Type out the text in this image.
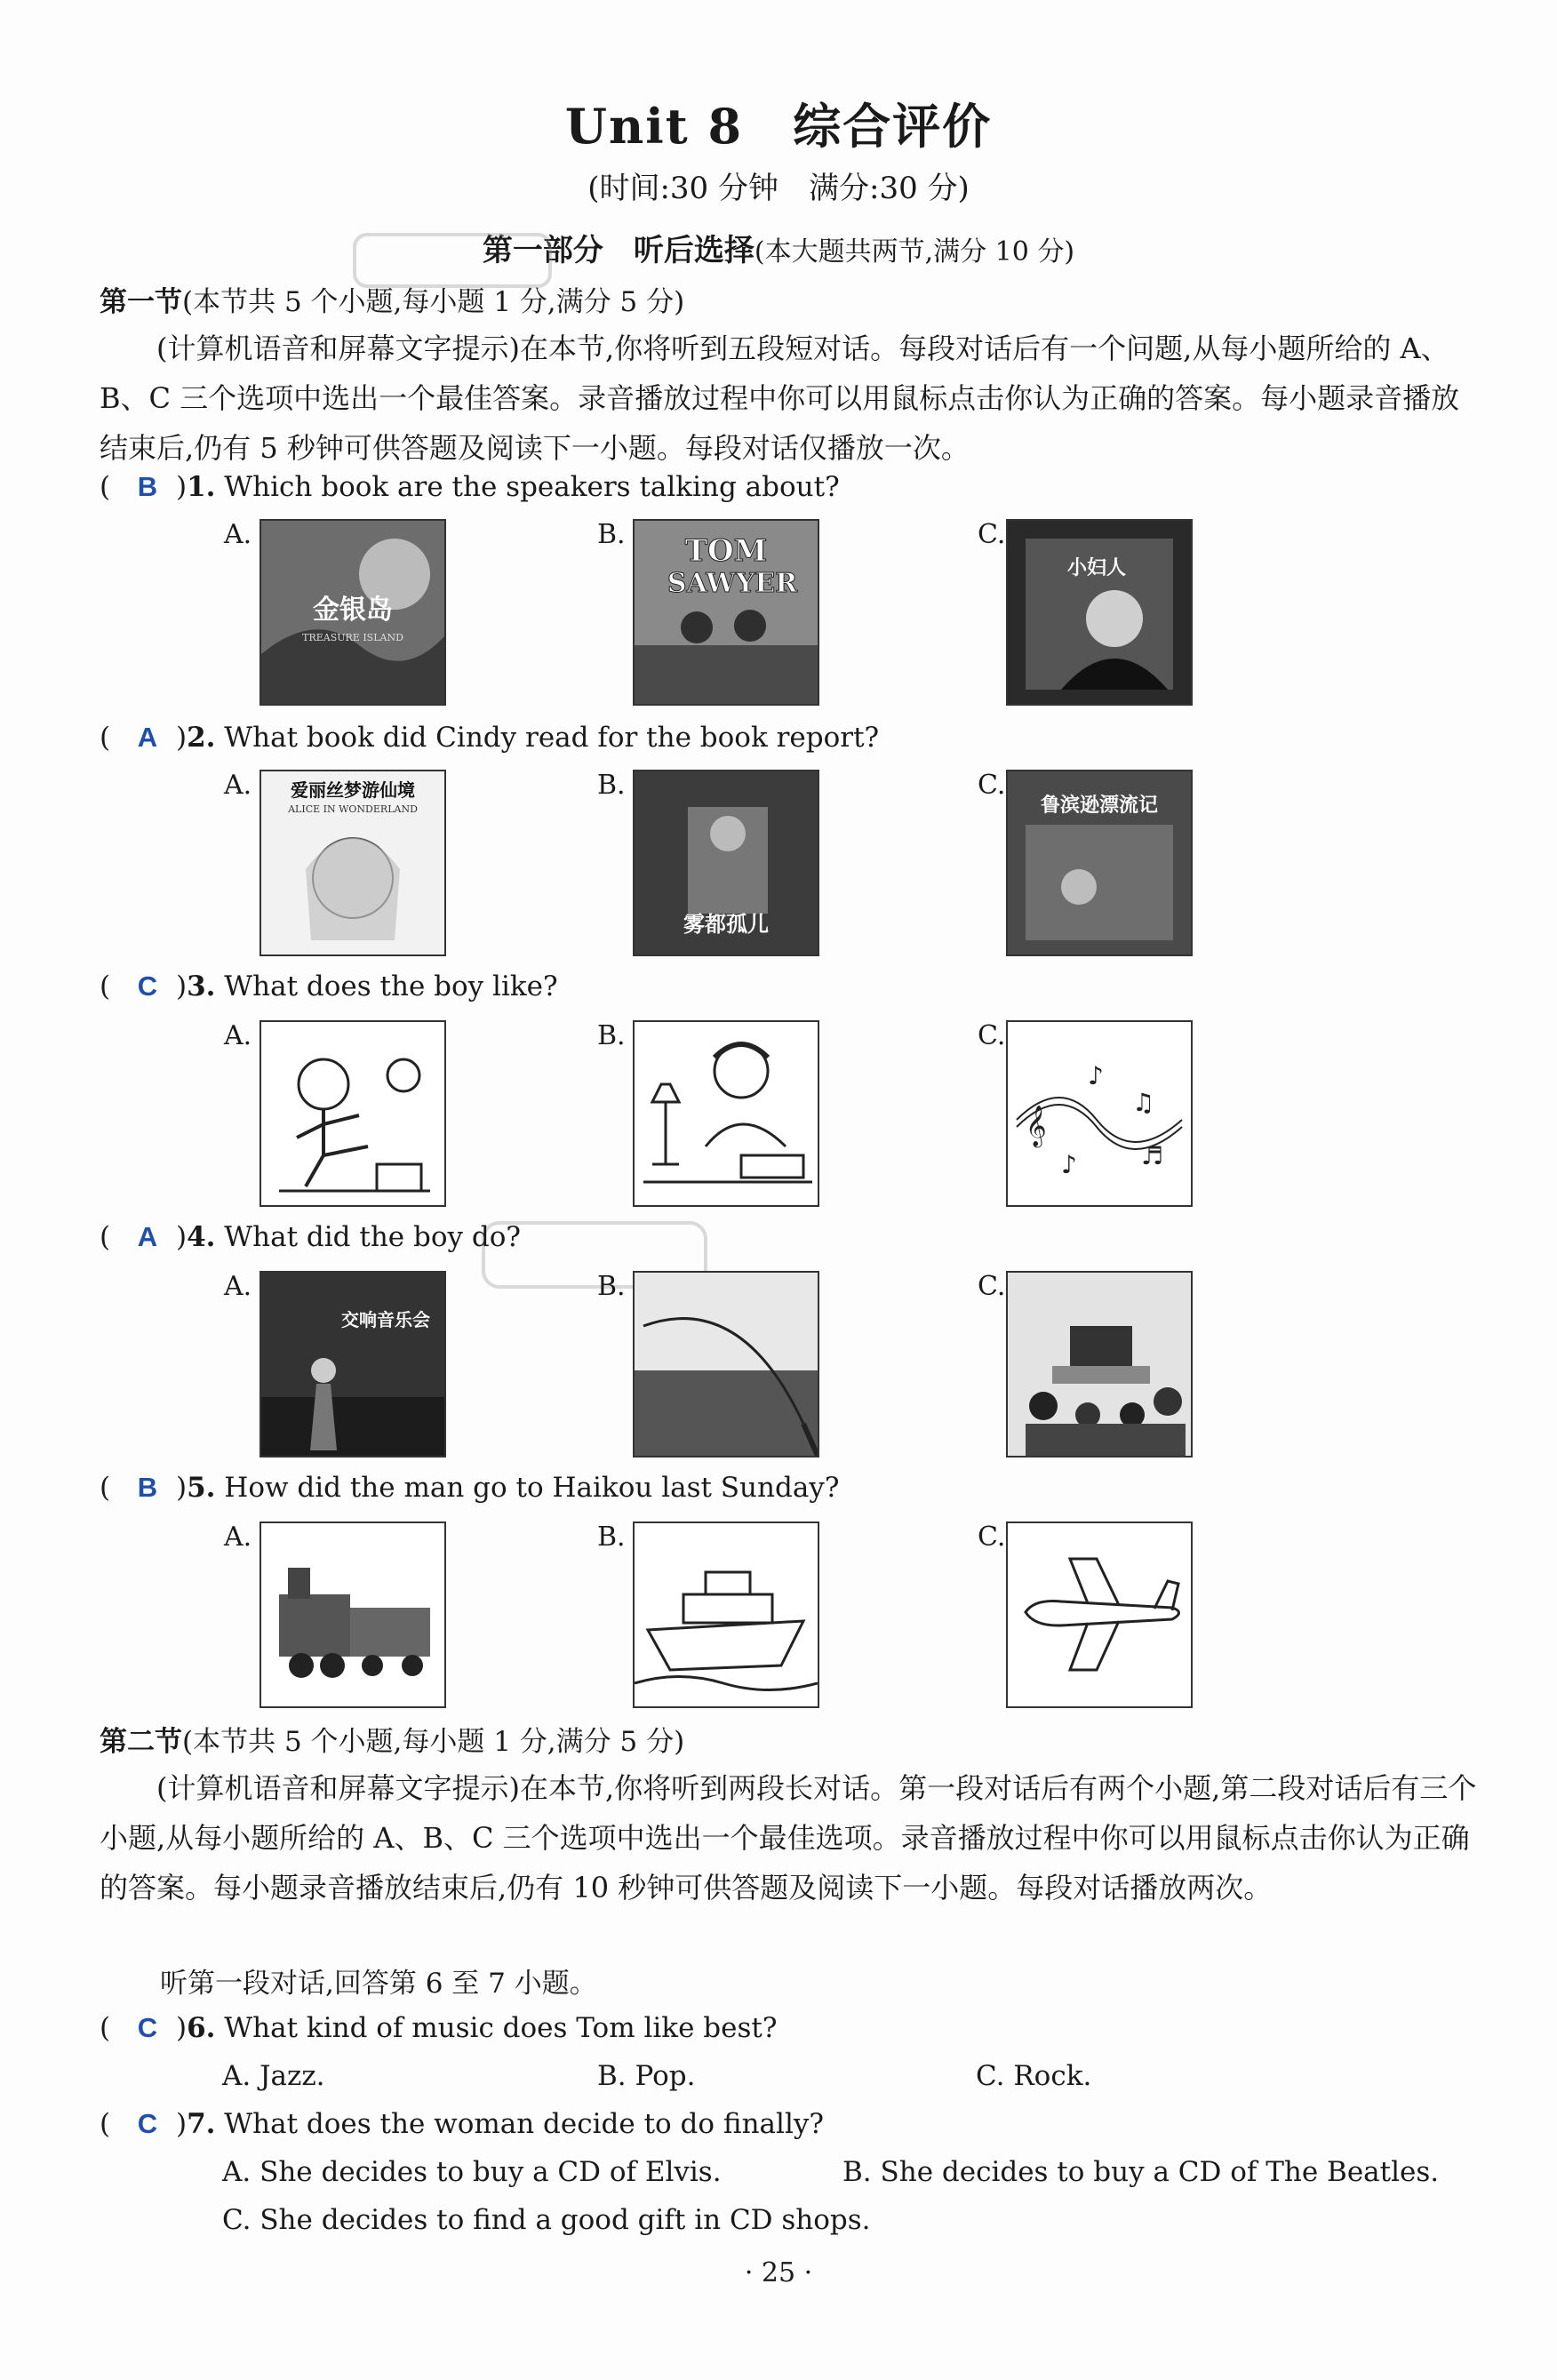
Unit 8　综合评价
(时间:30 分钟　满分:30 分)
第一部分　听后选择(本大题共两节,满分 10 分)
第一节(本节共 5 个小题,每小题 1 分,满分 5 分)
(计算机语音和屏幕文字提示)在本节,你将听到五段短对话。每段对话后有一个问题,从每小题所给的 A、B、C 三个选项中选出一个最佳答案。录音播放过程中你可以用鼠标点击你认为正确的答案。每小题录音播放结束后,仍有 5 秒钟可供答题及阅读下一小题。每段对话仅播放一次。
( B )1. Which book are the speakers talking about?
A.	B.	C.
金银岛
TREASURE ISLAND
TOM
SAWYER	小妇人
( A )2. What book did Cindy read for the book report?
A.	B.	C.
爱丽丝梦游仙境
ALICE IN WONDERLAND
雾都孤儿
鲁滨逊漂流记
( C )3. What does the boy like?
A.	B.	C.
𝄞
♪
♫
♪	♬
( A )4. What did the boy do?
A.	B.	C.
交响音乐会
( B )5. How did the man go to Haikou last Sunday?
A.	B.	C.
第二节(本节共 5 个小题,每小题 1 分,满分 5 分)
(计算机语音和屏幕文字提示)在本节,你将听到两段长对话。第一段对话后有两个小题,第二段对话后有三个小题,从每小题所给的 A、B、C 三个选项中选出一个最佳选项。录音播放过程中你可以用鼠标点击你认为正确的答案。每小题录音播放结束后,仍有 10 秒钟可供答题及阅读下一小题。每段对话播放两次。
听第一段对话,回答第 6 至 7 小题。
( C )6. What kind of music does Tom like best?
A. Jazz.	B. Pop.	C. Rock.
( C )7. What does the woman decide to do finally?
A. She decides to buy a CD of Elvis.	B. She decides to buy a CD of The Beatles.
C. She decides to find a good gift in CD shops.
· 25 ·
